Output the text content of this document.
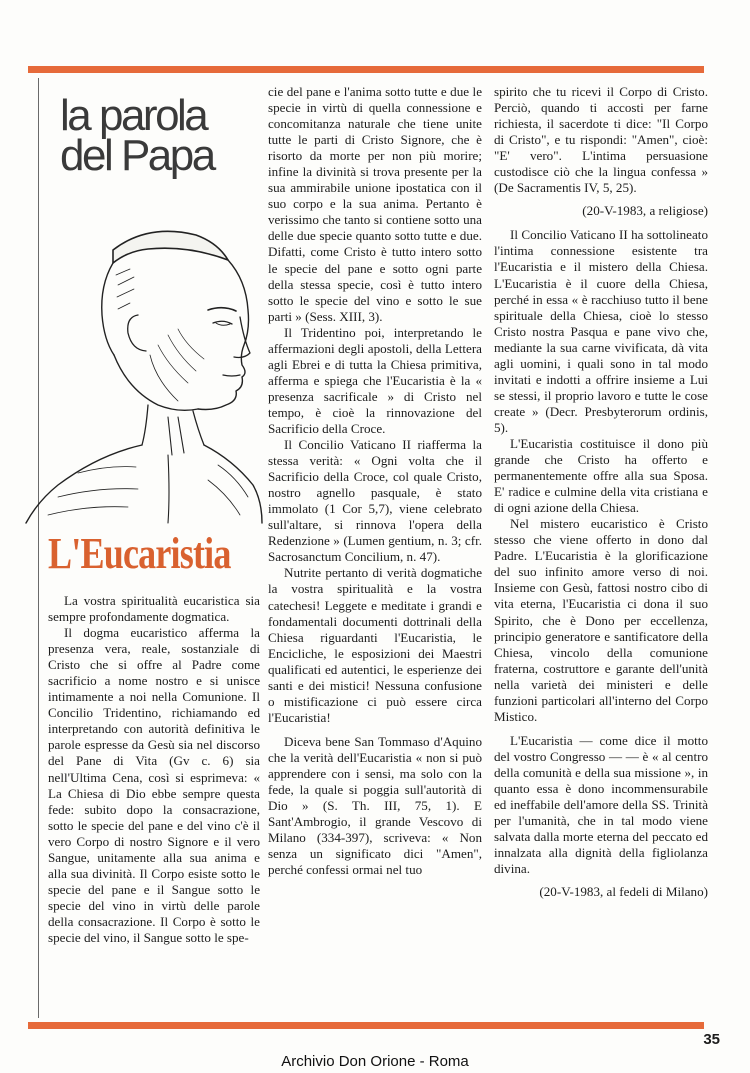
la parola
del Papa
L'Eucaristia

La vostra spiritualità eucaristica sia sempre profondamente dogmatica.

Il dogma eucaristico afferma la presenza vera, reale, sostanziale di Cristo che si offre al Padre come sacrificio a nome nostro e si unisce intimamente a noi nella Comunione. Il Concilio Tridentino, richiamando ed interpretando con autorità definitiva le parole espresse da Gesù sia nel discorso del Pane di Vita (Gv c. 6) sia nell'Ultima Cena, così si esprimeva: « La Chiesa di Dio ebbe sempre questa fede: subito dopo la consacrazione, sotto le specie del pane e del vino c'è il vero Corpo di nostro Signore e il vero Sangue, unitamente alla sua anima e alla sua divinità. Il Corpo esiste sotto le specie del pane e il Sangue sotto le specie del vino in virtù delle parole della consacrazione. Il Corpo è sotto le specie del vino, il Sangue sotto le spe-

cie del pane e l'anima sotto tutte e due le specie in virtù di quella connessione e concomitanza naturale che tiene unite tutte le parti di Cristo Signore, che è risorto da morte per non più morire; infine la divinità si trova presente per la sua ammirabile unione ipostatica con il suo corpo e la sua anima. Pertanto è verissimo che tanto si contiene sotto una delle due specie quanto sotto tutte e due. Difatti, come Cristo è tutto intero sotto le specie del pane e sotto ogni parte della stessa specie, così è tutto intero sotto le specie del vino e sotto le sue parti » (Sess. XIII, 3).

Il Tridentino poi, interpretando le affermazioni degli apostoli, della Lettera agli Ebrei e di tutta la Chiesa primitiva, afferma e spiega che l'Eucaristia è la « presenza sacrificale » di Cristo nel tempo, è cioè la rinnovazione del Sacrificio della Croce.

Il Concilio Vaticano II riafferma la stessa verità: « Ogni volta che il Sacrificio della Croce, col quale Cristo, nostro agnello pasquale, è stato immolato (1 Cor 5,7), viene celebrato sull'altare, si rinnova l'opera della Redenzione » (Lumen gentium, n. 3; cfr. Sacrosanctum Concilium, n. 47).

Nutrite pertanto di verità dogmatiche la vostra spiritualità e la vostra catechesi! Leggete e meditate i grandi e fondamentali documenti dottrinali della Chiesa riguardanti l'Eucaristia, le Encicliche, le esposizioni dei Maestri qualificati ed autentici, le esperienze dei santi e dei mistici! Nessuna confusione o mistificazione ci può essere circa l'Eucaristia!

Diceva bene San Tommaso d'Aquino che la verità dell'Eucaristia « non si può apprendere con i sensi, ma solo con la fede, la quale si poggia sull'autorità di Dio » (S. Th. III, 75, 1). E Sant'Ambrogio, il grande Vescovo di Milano (334-397), scriveva: « Non senza un significato dici "Amen", perché confessi ormai nel tuo

spirito che tu ricevi il Corpo di Cristo. Perciò, quando ti accosti per farne richiesta, il sacerdote ti dice: "Il Corpo di Cristo", e tu rispondi: "Amen", cioè: "E' vero". L'intima persuasione custodisce ciò che la lingua confessa » (De Sacramentis IV, 5, 25).

(20-V-1983, a religiose)

Il Concilio Vaticano II ha sottolineato l'intima connessione esistente tra l'Eucaristia e il mistero della Chiesa. L'Eucaristia è il cuore della Chiesa, perché in essa « è racchiuso tutto il bene spirituale della Chiesa, cioè lo stesso Cristo nostra Pasqua e pane vivo che, mediante la sua carne vivificata, dà vita agli uomini, i quali sono in tal modo invitati e indotti a offrire insieme a Lui se stessi, il proprio lavoro e tutte le cose create » (Decr. Presbyterorum ordinis, 5).

L'Eucaristia costituisce il dono più grande che Cristo ha offerto e permanentemente offre alla sua Sposa. E' radice e culmine della vita cristiana e di ogni azione della Chiesa.

Nel mistero eucaristico è Cristo stesso che viene offerto in dono dal Padre. L'Eucaristia è la glorificazione del suo infinito amore verso di noi. Insieme con Gesù, fattosi nostro cibo di vita eterna, l'Eucaristia ci dona il suo Spirito, che è Dono per eccellenza, principio generatore e santificatore della Chiesa, vincolo della comunione fraterna, costruttore e garante dell'unità nella varietà dei ministeri e delle funzioni particolari all'interno del Corpo Mistico.

L'Eucaristia — come dice il motto del vostro Congresso — — è « al centro della comunità e della sua missione », in quanto essa è dono incommensurabile ed ineffabile dell'amore della SS. Trinità per l'umanità, che in tal modo viene salvata dalla morte eterna del peccato ed innalzata alla dignità della figliolanza divina.

(20-V-1983, al fedeli di Milano)

35
Archivio Don Orione - Roma
